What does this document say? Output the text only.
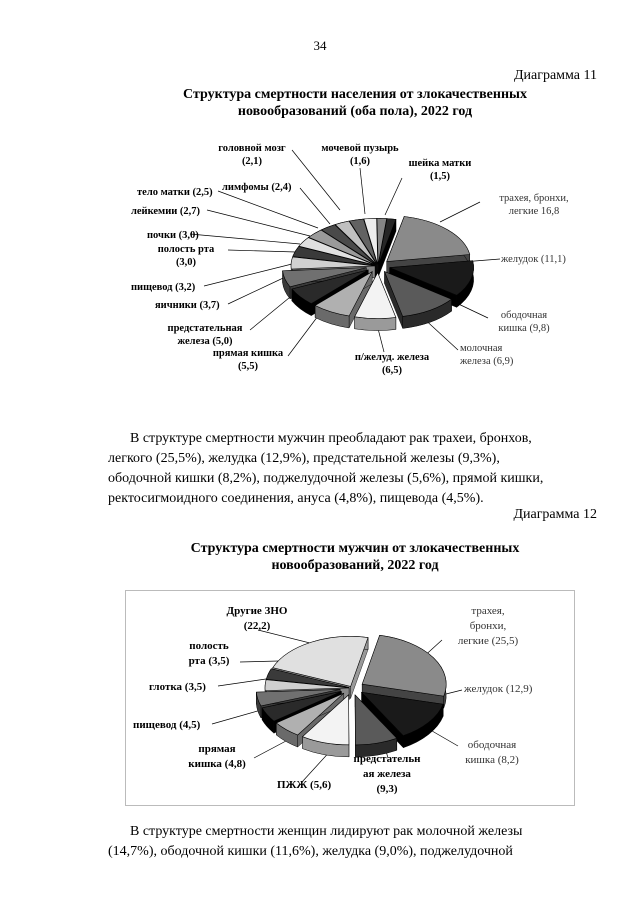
34
Диаграмма 11
Структура смертности населения от злокачественных
новообразований (оба пола), 2022 год
головной мозг
(2,1)
мочевой пузырь
(1,6)	шейка матки
(1,5)
тело матки (2,5) лимфомы (2,4)
лейкемии (2,7)
почки (3,0)
полость рта
(3,0)
пищевод (3,2)
яичники (3,7)
предстательная
железа (5,0)
прямая кишка
(5,5)
п/желуд. железа
(6,5)
трахея, бронхи,
легкие 16,8
желудок (11,1)
ободочная
кишка (9,8)
молочная
железа (6,9)
В структуре смертности мужчин преобладают рак трахеи, бронхов,
легкого (25,5%), желудка (12,9%), предстательной железы (9,3%),
ободочной кишки (8,2%), поджелудочной железы (5,6%), прямой кишки,
ректосигмоидного соединения, ануса (4,8%), пищевода (4,5%).
Диаграмма 12
Структура смертности мужчин от злокачественных
новообразований, 2022 год
Другие ЗНО
(22,2)
полость
рта (3,5)
глотка (3,5)
пищевод (4,5)
прямая
кишка (4,8)
ПЖЖ (5,6)
предстательн
ая железа
(9,3)
трахея,
бронхи,
легкие (25,5)
желудок (12,9)
ободочная
кишка (8,2)
В структуре смертности женщин лидируют рак молочной железы
(14,7%), ободочной кишки (11,6%), желудка (9,0%), поджелудочной
